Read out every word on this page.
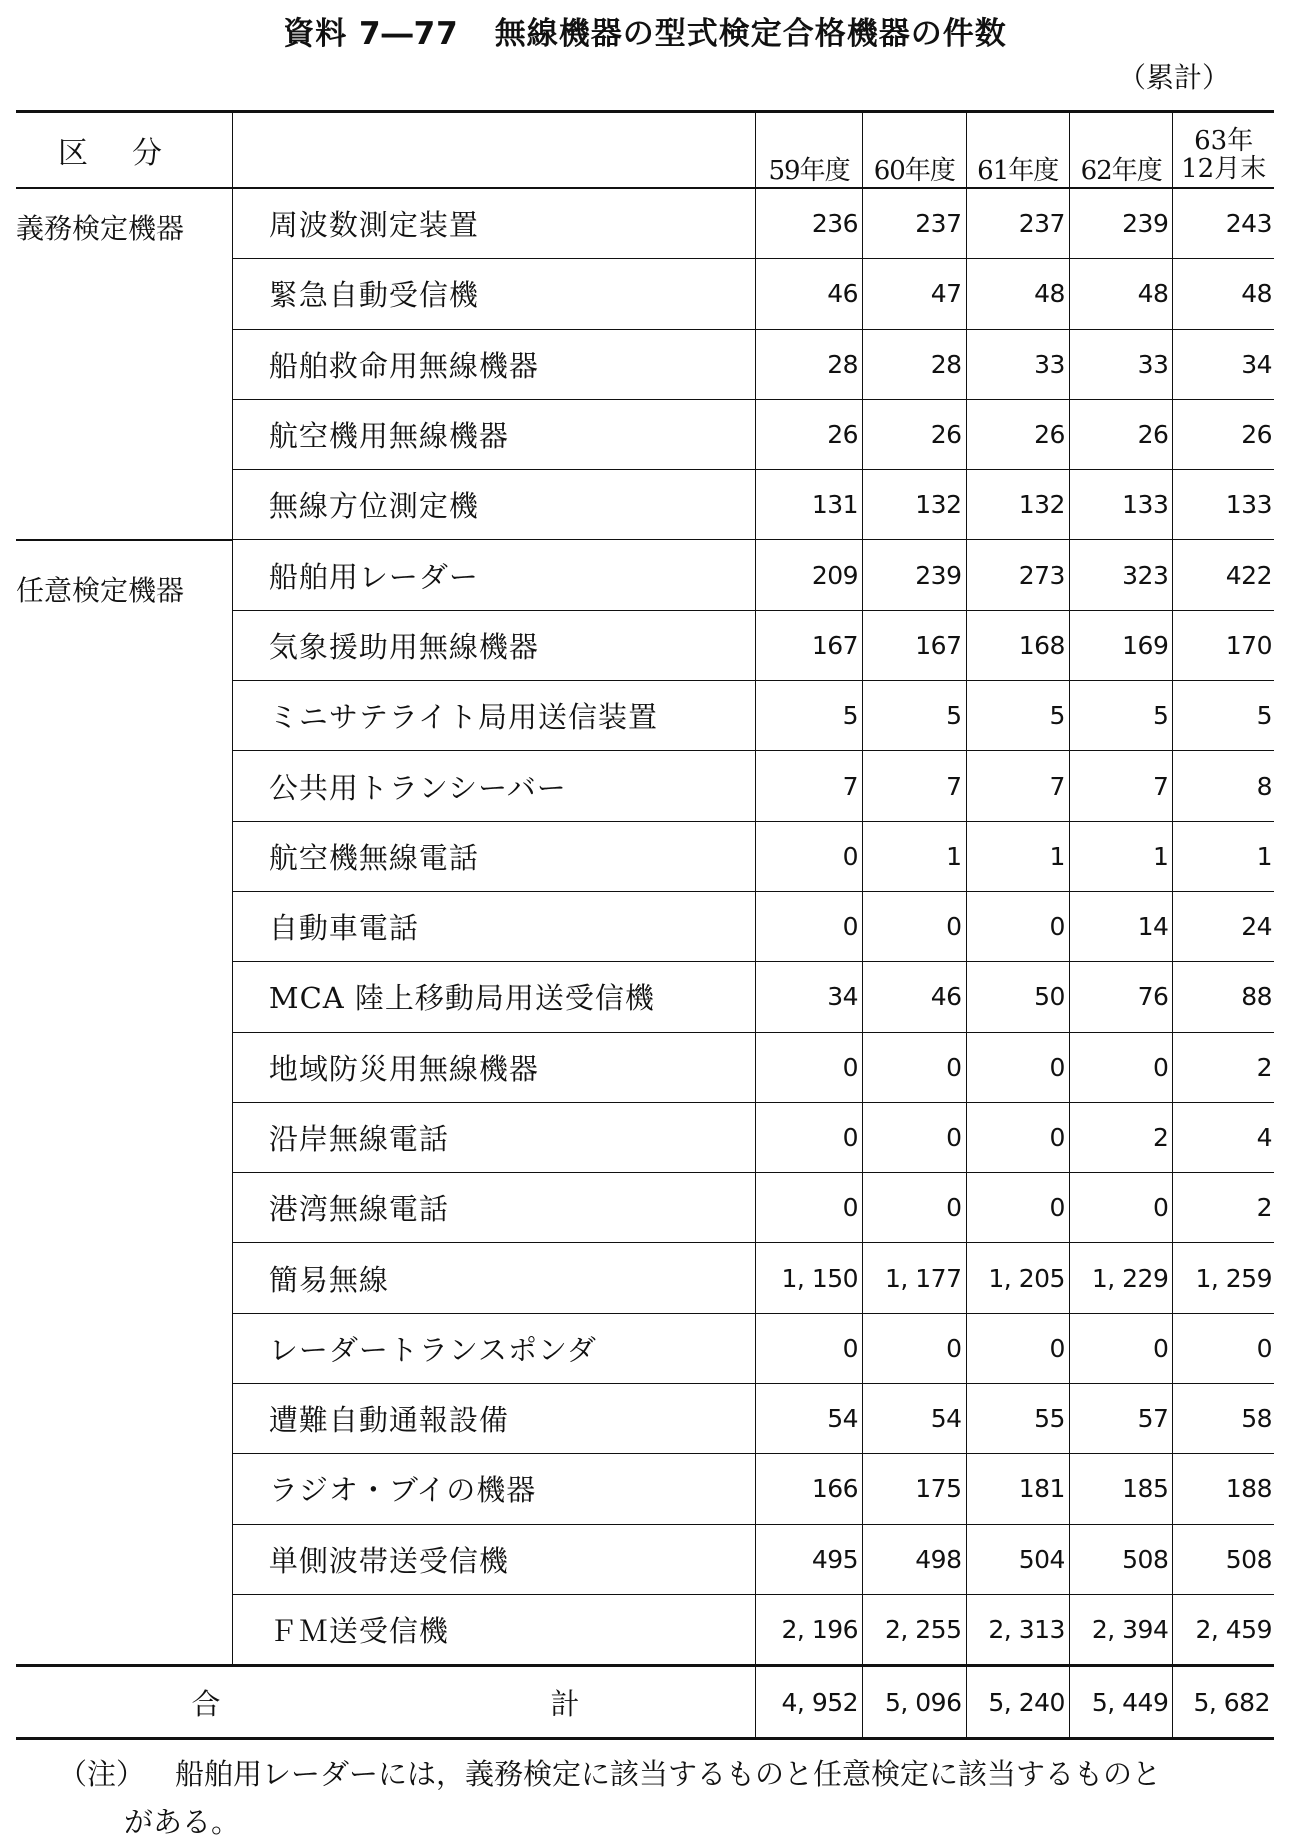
資料 7―77 無線機器の型式検定合格機器の件数
（累計）
区分		59年度	60年度	61年度	62年度	63年
12月末

義務検定機器	周波数測定装置	236	237	237	239	243
	緊急自動受信機	46	47	48	48	48
	船舶救命用無線機器	28	28	33	33	34
	航空機用無線機器	26	26	26	26	26
	無線方位測定機	131	132	132	133	133
任意検定機器	船舶用レーダー	209	239	273	323	422
	気象援助用無線機器	167	167	168	169	170
	ミニサテライト局用送信装置	5	5	5	5	5
	公共用トランシーバー	7	7	7	7	8
	航空機無線電話	0	1	1	1	1
	自動車電話	0	0	0	14	24
	MCA 陸上移動局用送受信機	34	46	50	76	88
	地域防災用無線機器	0	0	0	0	2
	沿岸無線電話	0	0	0	2	4
	港湾無線電話	0	0	0	0	2
	簡易無線	1, 150	1, 177	1, 205	1, 229	1, 259
	レーダートランスポンダ	0	0	0	0	0
	遭難自動通報設備	54	54	55	57	58
	ラジオ・ブイの機器	166	175	181	185	188
	単側波帯送受信機	495	498	504	508	508
	ＦＭ送受信機	2, 196	2, 255	2, 313	2, 394	2, 459
合 計		4, 952	5, 096	5, 240	5, 449	5, 682
（注） 船舶用レーダーには，義務検定に該当するものと任意検定に該当するものと
がある。
